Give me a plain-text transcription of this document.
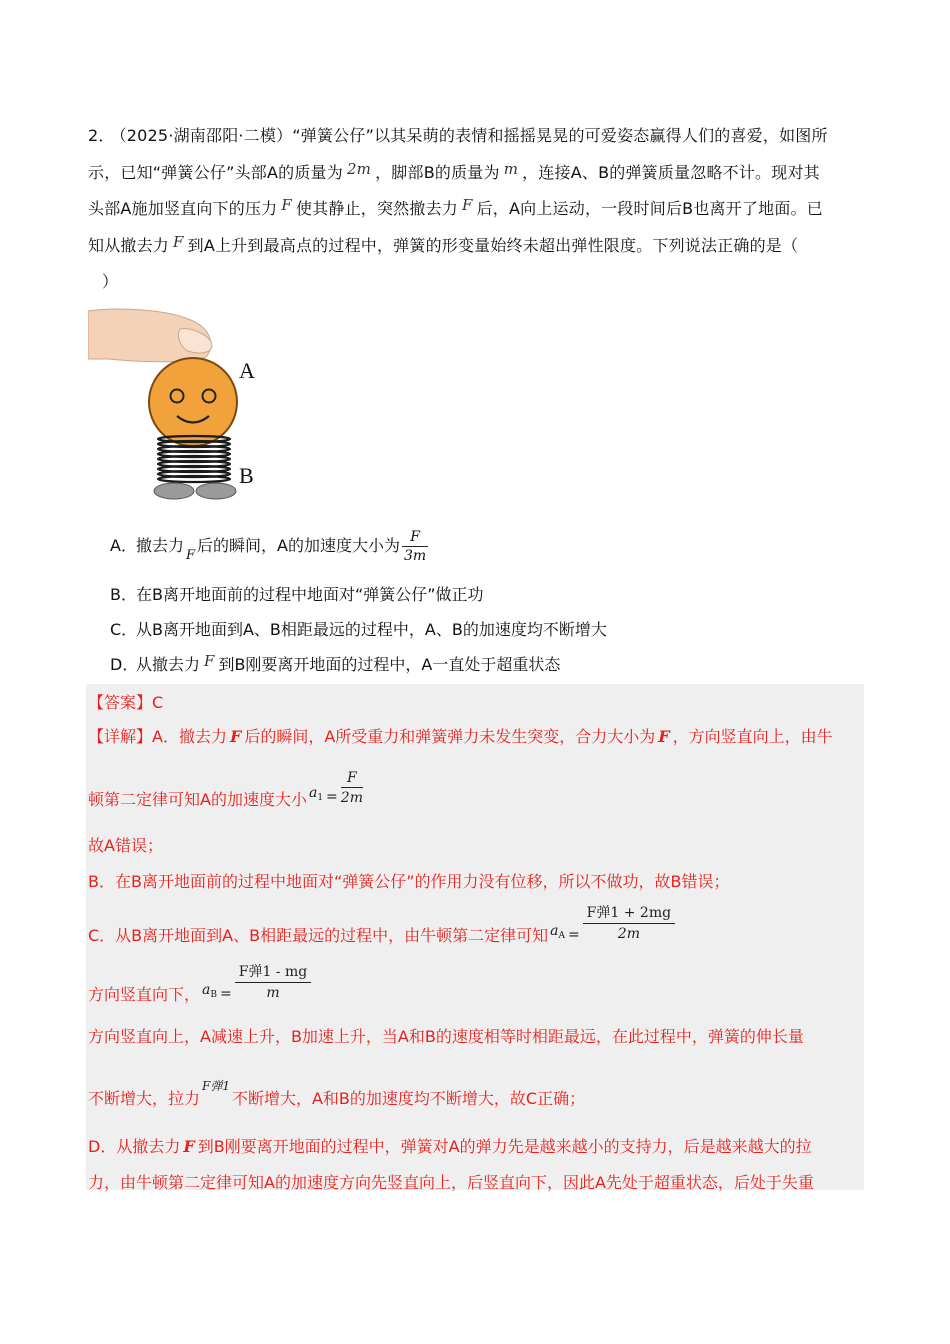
2． （2025·湖南邵阳·二模）“弹簧公仔”以其呆萌的表情和摇摇晃晃的可爱姿态赢得人们的喜爱，如图所
示，已知“弹簧公仔”头部A的质量为 2m ，脚部B的质量为 m ，连接A、B的弹簧质量忽略不计。现对其
头部A施加竖直向下的压力 F 使其静止，突然撤去力 F 后，A向上运动，一段时间后B也离开了地面。已
知从撤去力 F 到A上升到最高点的过程中，弹簧的形变量始终未超出弹性限度。下列说法正确的是（
）
A
B
A．撤去力$_F$后的瞬间，A的加速度大小为 $\frac{F}{3m}$
B．在B离开地面前的过程中地面对“弹簧公仔”做正功
C．从B离开地面到A、B相距最远的过程中，A、B的加速度均不断增大
D．从撤去力 F 到B刚要离开地面的过程中，A一直处于超重状态
【答案】C
【详解】A．撤去力 F 后的瞬间，A所受重力和弹簧弹力未发生突变，合力大小为 F ，方向竖直向上，由牛
顿第二定律可知A的加速度大小 $a_1 = \frac{F}{2m}$
故A错误；
B．在B离开地面前的过程中地面对“弹簧公仔”的作用力没有位移，所以不做功，故B错误；
C．从B离开地面到A、B相距最远的过程中，由牛顿第二定律可知 $a_A$ =
F弹1 + 2mg
2m
方向竖直向下， $a_B$ =
F弹1 - mg
m
方向竖直向上，A减速上升，B加速上升，当A和B的速度相等时相距最远，在此过程中，弹簧的伸长量
不断增大，拉力F弹1不断增大，A和B的加速度均不断增大，故C正确；
D．从撤去力 F 到B刚要离开地面的过程中，弹簧对A的弹力先是越来越小的支持力，后是越来越大的拉
力，由牛顿第二定律可知A的加速度方向先竖直向上，后竖直向下，因此A先处于超重状态，后处于失重
